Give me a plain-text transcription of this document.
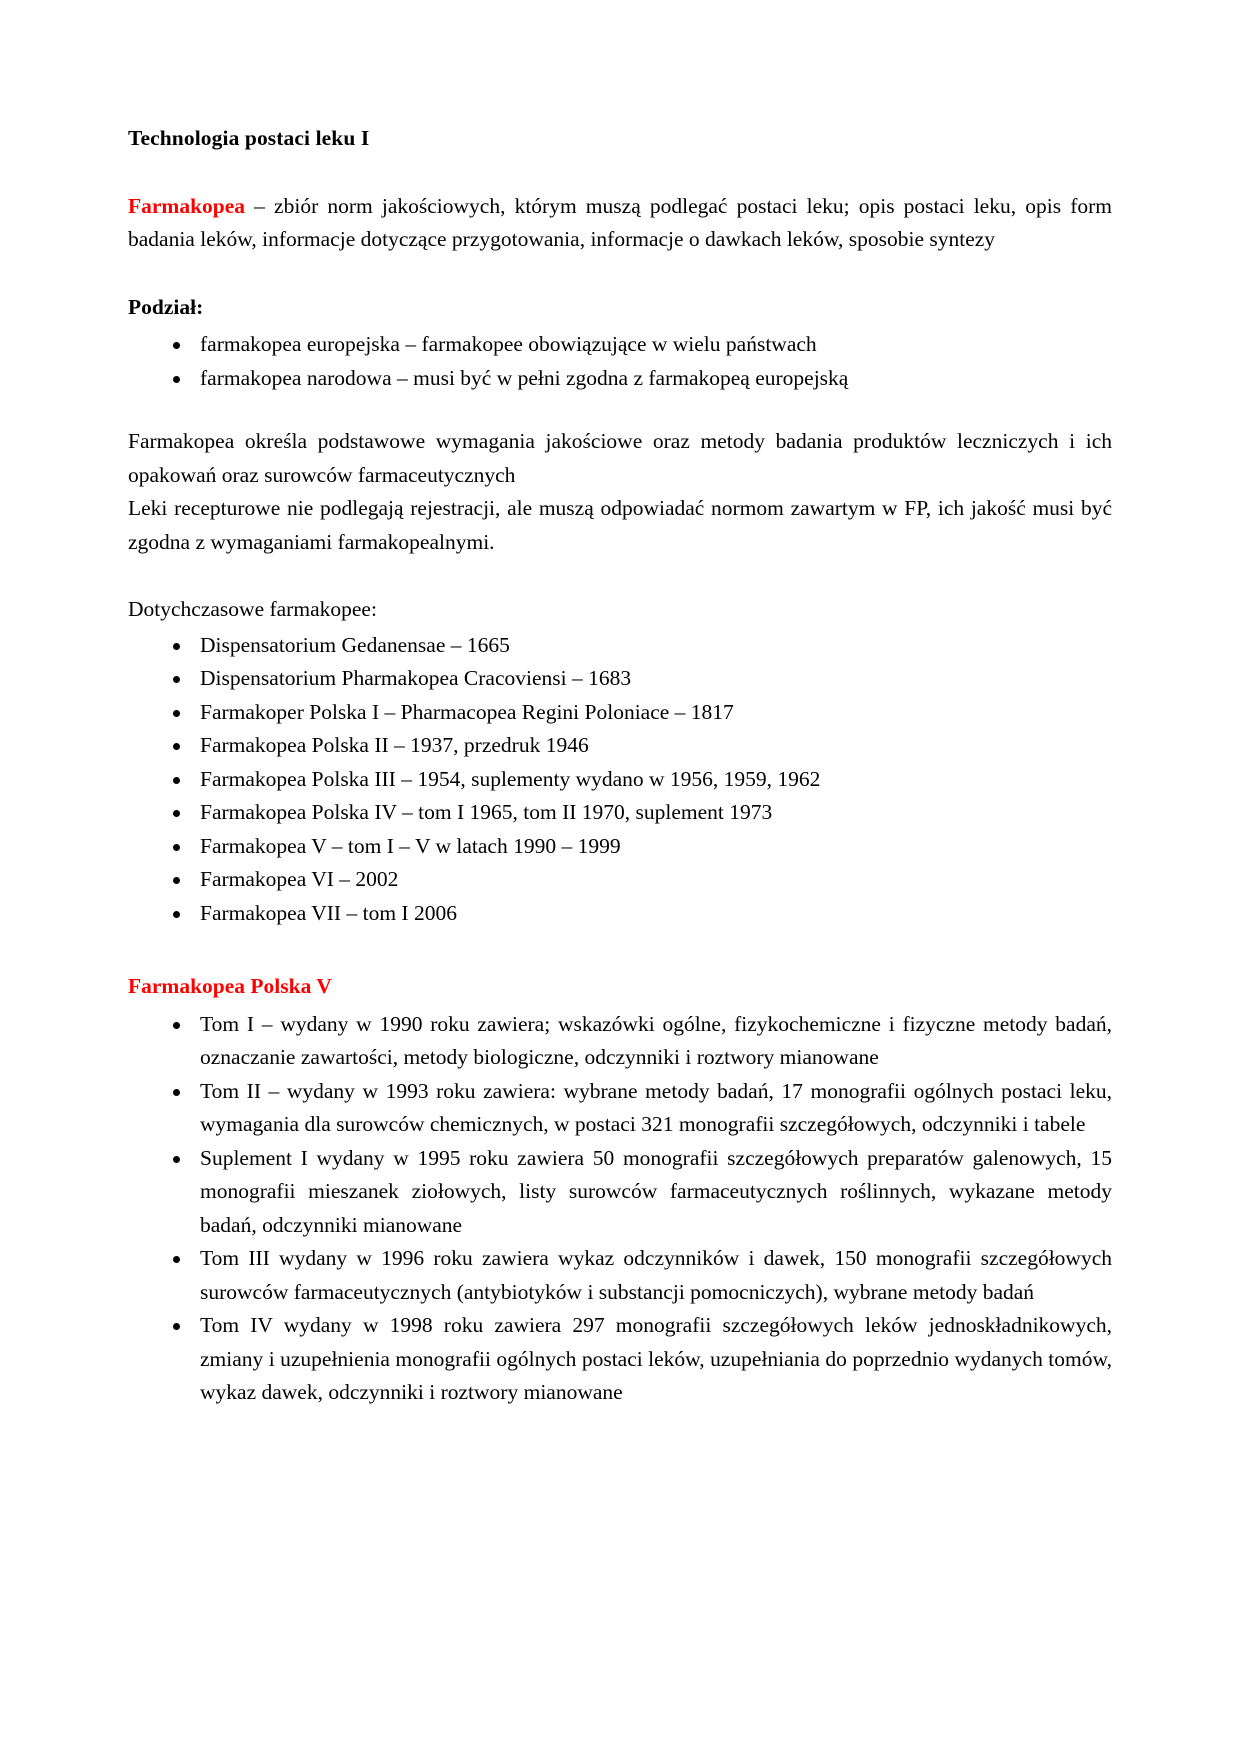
Technologia postaci leku I

Farmakopea – zbiór norm jakościowych, którym muszą podlegać postaci leku; opis postaci leku, opis form badania leków, informacje dotyczące przygotowania, informacje o dawkach leków, sposobie syntezy

Podział:
farmakopea europejska – farmakopee obowiązujące w wielu państwach
farmakopea narodowa – musi być w pełni zgodna z farmakopeą europejską

Farmakopea określa podstawowe wymagania jakościowe oraz metody badania produktów leczniczych i ich opakowań oraz surowców farmaceutycznych

Leki recepturowe nie podlegają rejestracji, ale muszą odpowiadać normom zawartym w FP, ich jakość musi być zgodna z wymaganiami farmakopealnymi.

Dotychczasowe farmakopee:
Dispensatorium Gedanensae – 1665
Dispensatorium Pharmakopea Cracoviensi – 1683
Farmakoper Polska I – Pharmacopea Regini Poloniace – 1817
Farmakopea Polska II – 1937, przedruk 1946
Farmakopea Polska III – 1954, suplementy wydano w 1956, 1959, 1962
Farmakopea Polska IV – tom I 1965, tom II 1970, suplement 1973
Farmakopea V – tom I – V w latach 1990 – 1999
Farmakopea VI – 2002
Farmakopea VII – tom I 2006
Farmakopea Polska V
Tom I – wydany w 1990 roku zawiera; wskazówki ogólne, fizykochemiczne i fizyczne metody badań, oznaczanie zawartości, metody biologiczne, odczynniki i roztwory mianowane
Tom II – wydany w 1993 roku zawiera: wybrane metody badań, 17 monografii ogólnych postaci leku, wymagania dla surowców chemicznych, w postaci 321 monografii szczegółowych, odczynniki i tabele
Suplement I wydany w 1995 roku zawiera 50 monografii szczegółowych preparatów galenowych, 15 monografii mieszanek ziołowych, listy surowców farmaceutycznych roślinnych, wykazane metody badań, odczynniki mianowane
Tom III wydany w 1996 roku zawiera wykaz odczynników i dawek, 150 monografii szczegółowych surowców farmaceutycznych (antybiotyków i substancji pomocniczych), wybrane metody badań
Tom IV wydany w 1998 roku zawiera 297 monografii szczegółowych leków jednoskładnikowych, zmiany i uzupełnienia monografii ogólnych postaci leków, uzupełniania do poprzednio wydanych tomów, wykaz dawek, odczynniki i roztwory mianowane
